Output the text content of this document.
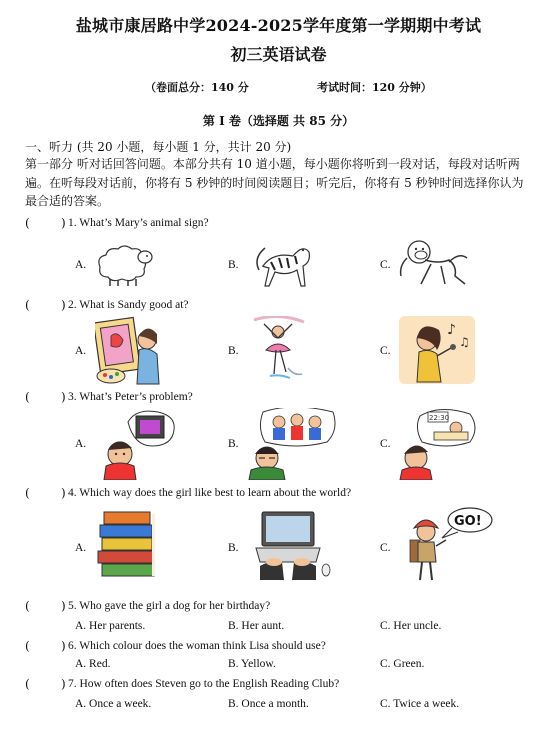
盐城市康居路中学2024-2025学年度第一学期期中考试
初三英语试卷
（卷面总分：140 分	考试时间：120 分钟）
第 I 卷（选择题 共 85 分）
一、听力 (共 20 小题，每小题 1 分，共计 20 分)
第一部分 听对话回答问题。本部分共有 10 道小题，每小题你将听到一段对话，每段对话听两
遍。在听每段对话前，你将有 5 秒钟的时间阅读题目；听完后，你将有 5 秒钟时间选择你认为
最合适的答案。
(	) 1. What’s Mary’s animal sign?
A.	B.	C.
(	) 2. What is Sandy good at?
A.	B.	C.
♪
♫
(	) 3. What’s Peter’s problem?
A.	B.	C.
22:30
(	) 4. Which way does the girl like best to learn about the world?
A.	B.	C.
GO!
(	) 5. Who gave the girl a dog for her birthday?
A. Her parents.	B. Her aunt.	C. Her uncle.
(	) 6. Which colour does the woman think Lisa should use?
A. Red.	B. Yellow.	C. Green.
(	) 7. How often does Steven go to the English Reading Club?
A. Once a week.	B. Once a month.	C. Twice a week.
